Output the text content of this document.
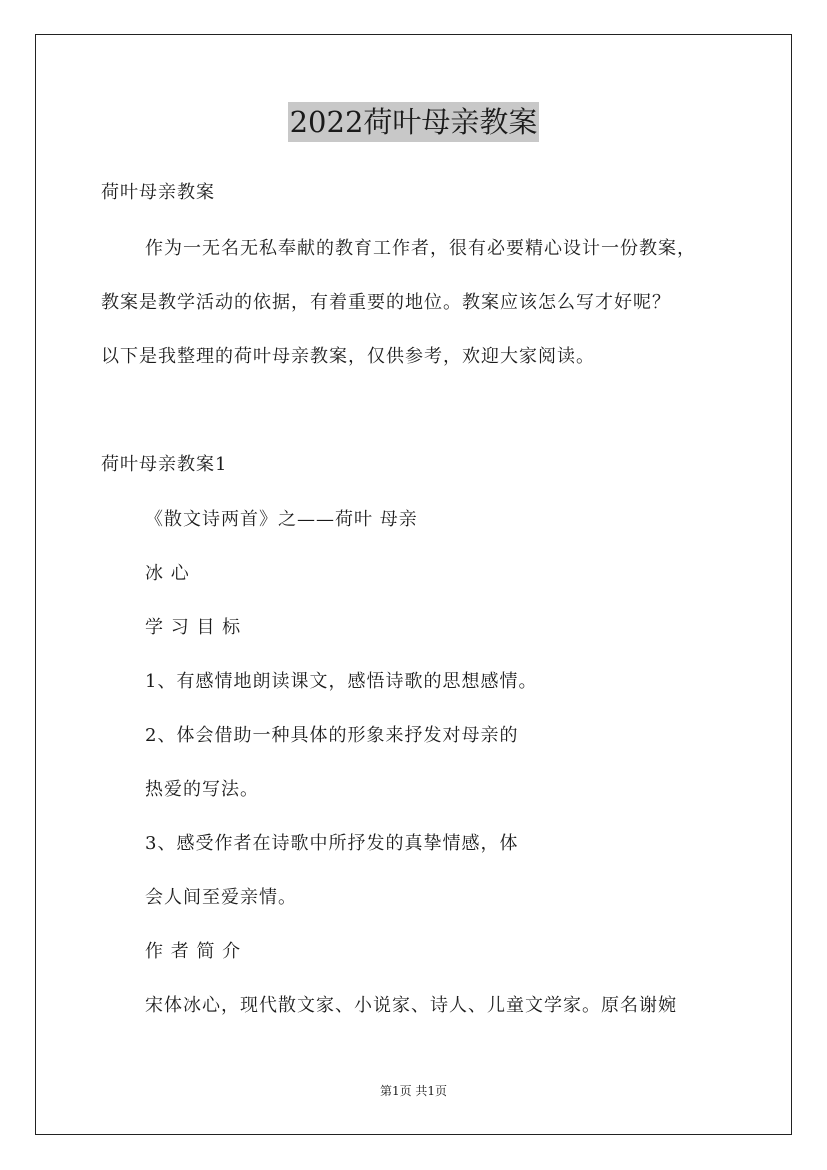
2022荷叶母亲教案
荷叶母亲教案
作为一无名无私奉献的教育工作者，很有必要精心设计一份教案，
教案是教学活动的依据，有着重要的地位。教案应该怎么写才好呢？
以下是我整理的荷叶母亲教案，仅供参考，欢迎大家阅读。
荷叶母亲教案1
《散文诗两首》之——荷叶 母亲
冰 心
学 习 目 标
1、有感情地朗读课文，感悟诗歌的思想感情。
2、体会借助一种具体的形象来抒发对母亲的
热爱的写法。
3、感受作者在诗歌中所抒发的真挚情感，体
会人间至爱亲情。
作 者 简 介
宋体冰心，现代散文家、小说家、诗人、儿童文学家。原名谢婉
第1页 共1页
